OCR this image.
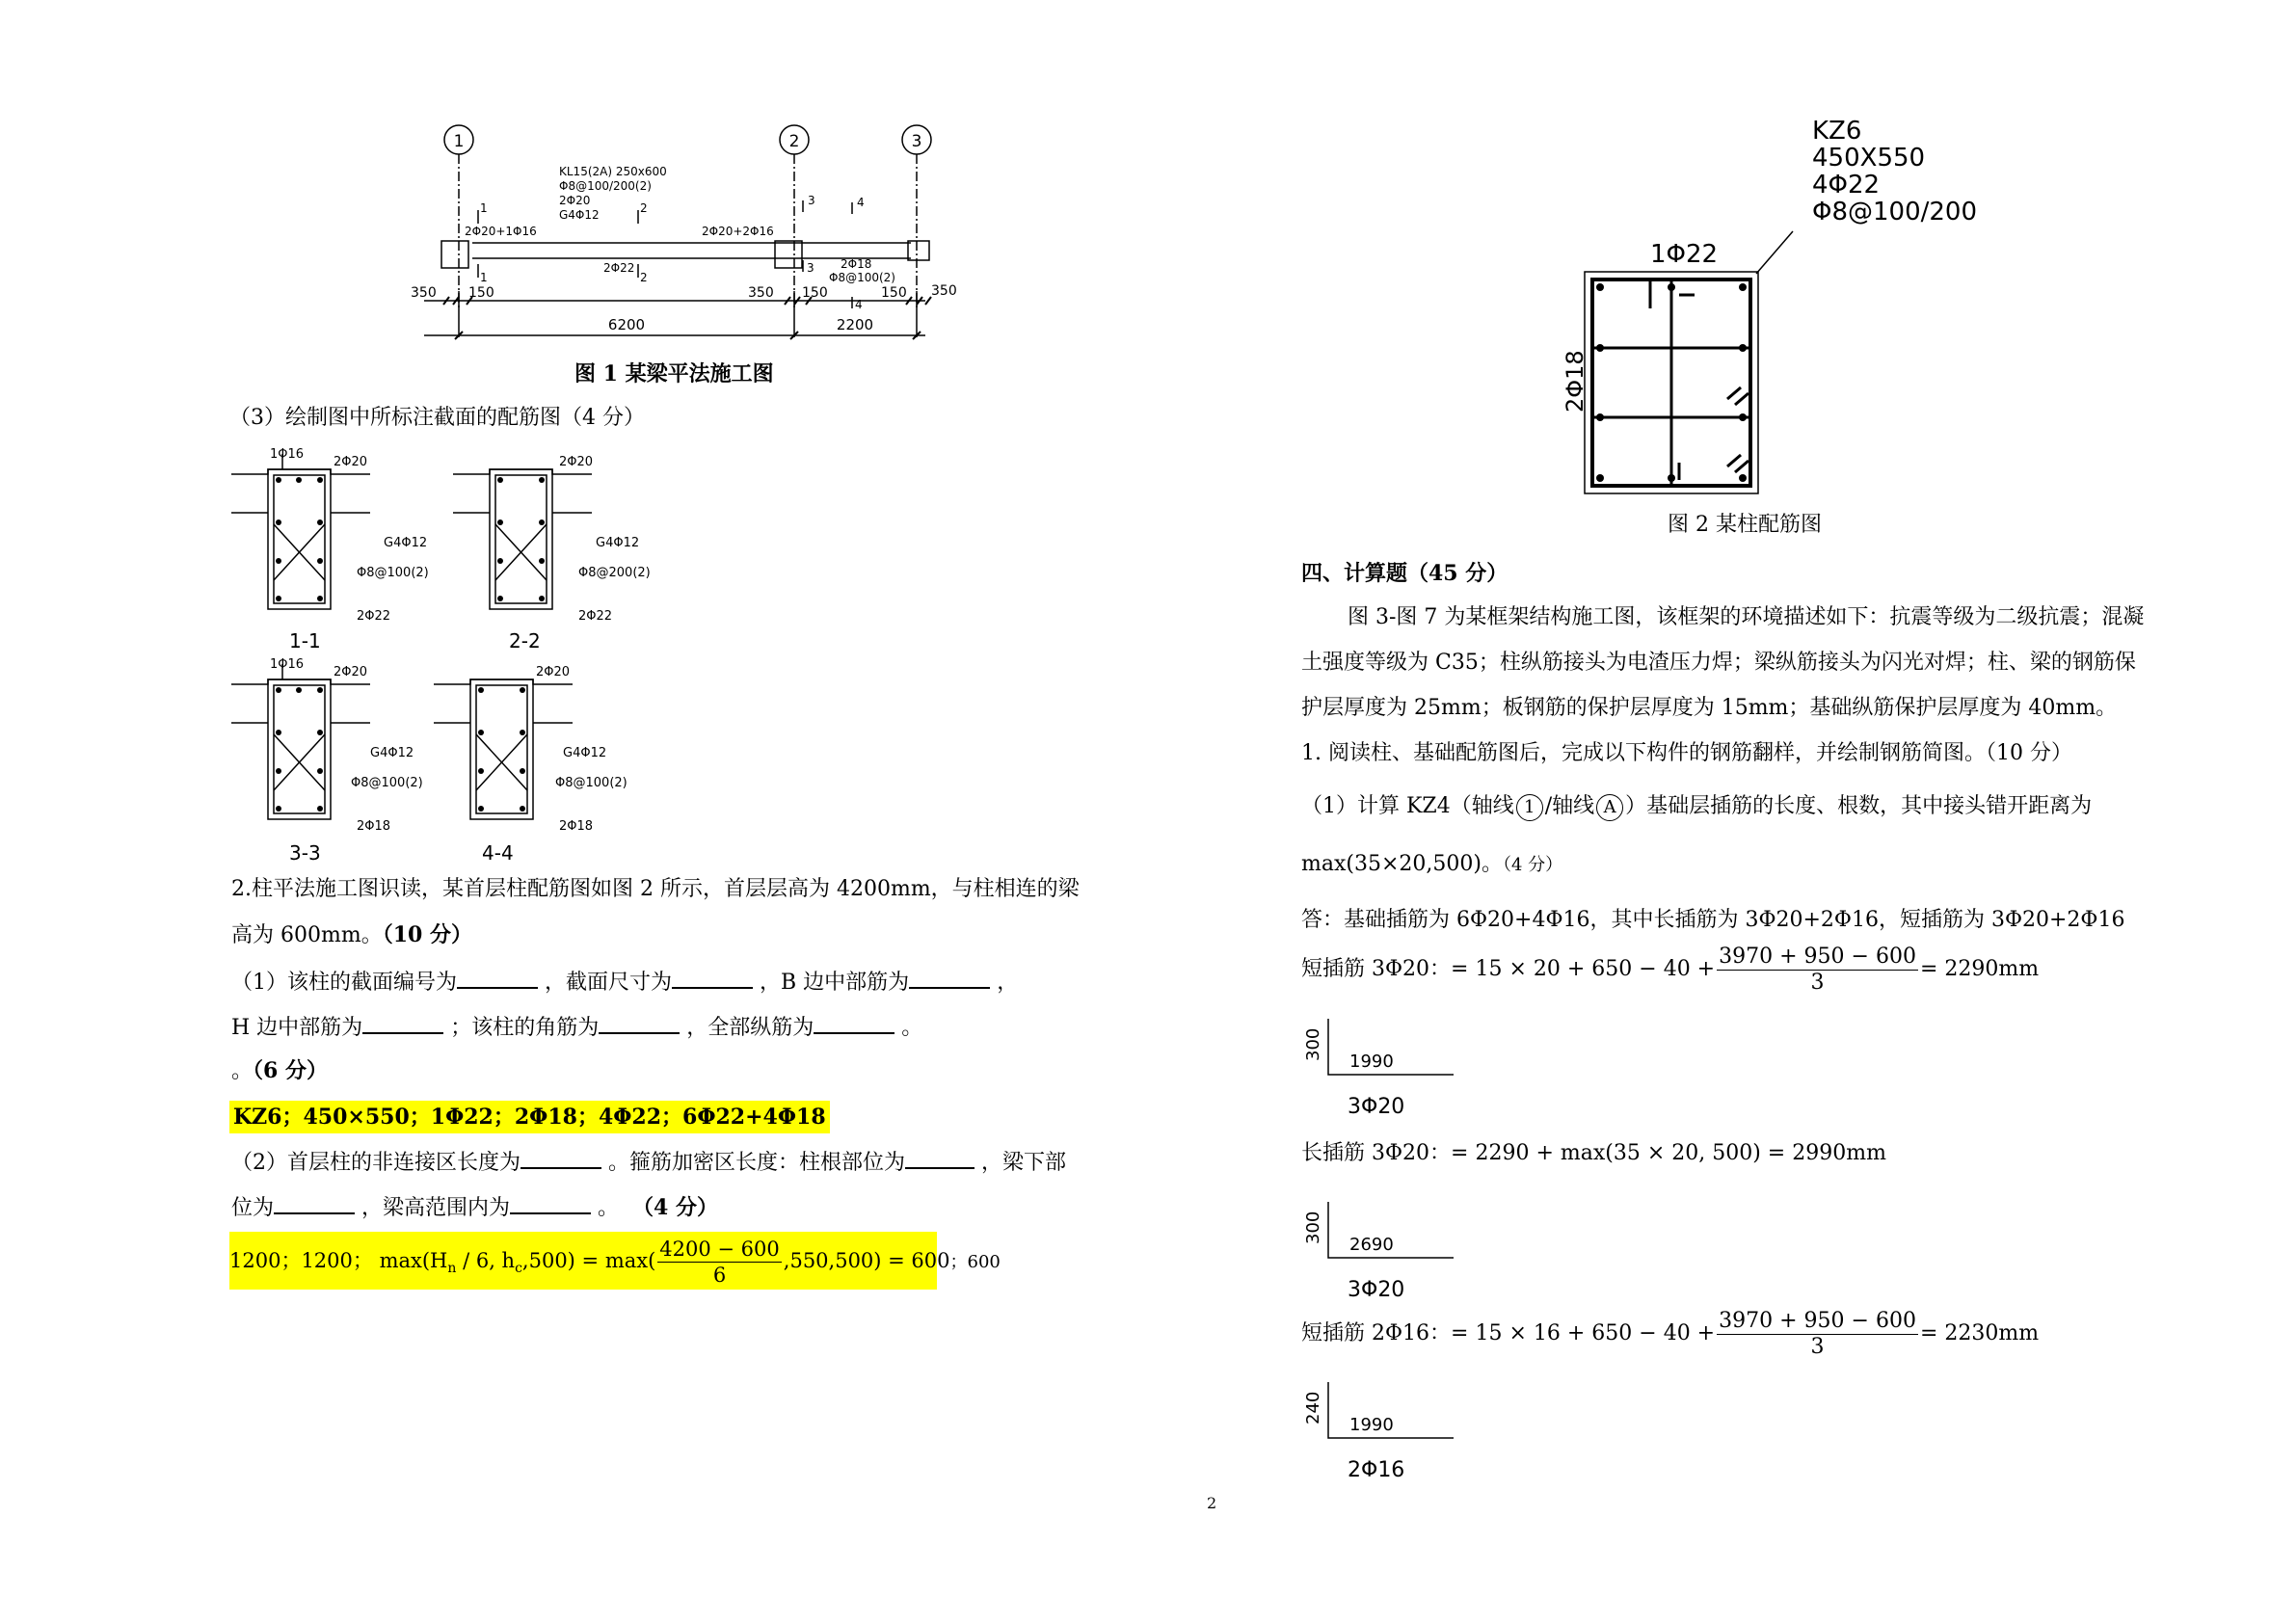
1	2	3
KL15(2A) 250x600
Φ8@100/200(2)
2Φ20
G4Φ12
2Φ20+1Φ16	2Φ20+2Φ16
2Φ22	2Φ18
Φ8@100(2)
1
1
2
2
3
3
4
4
350 150
6200
350 150
2200
150 350
图 1 某梁平法施工图
（3）绘制图中所标注截面的配筋图（4 分）
1Φ16
2Φ20
G4Φ12
Φ8@100(2)
2Φ22
1-1
2Φ20
G4Φ12
Φ8@200(2)
2Φ22
2-2
1Φ16
2Φ20
G4Φ12
Φ8@100(2)
2Φ18
3-3
2Φ20
G4Φ12
Φ8@100(2)
2Φ18
4-4
2.柱平法施工图识读，某首层柱配筋图如图 2 所示，首层层高为 4200mm，与柱相连的梁
高为 600mm。（10 分）
（1）该柱的截面编号为	，截面尺寸为	，B 边中部筋为	，
H 边中部筋为	；该柱的角筋为	，全部纵筋为	。
。（6 分）
KZ6；450×550；1Φ22；2Φ18；4Φ22；6Φ22+4Φ18
（2）首层柱的非连接区长度为	。箍筋加密区长度：柱根部位为	，梁下部
位为	，梁高范围内为	。 （4 分）
1200；1200； $\max(H_n / 6$, $h_c,500) = \max( \frac{4200 - 600}{6} ,550,500) = 600$；600
KZ6
450X550
4Φ22
Φ8@100/200
1Φ22
2Φ18
图 2 某柱配筋图
四、计算题（45 分）
图 3-图 7 为某框架结构施工图，该框架的环境描述如下：抗震等级为二级抗震；混凝
土强度等级为 C35；柱纵筋接头为电渣压力焊；梁纵筋接头为闪光对焊；柱、梁的钢筋保
护层厚度为 25mm；板钢筋的保护层厚度为 15mm；基础纵筋保护层厚度为 40mm。
1. 阅读柱、基础配筋图后，完成以下构件的钢筋翻样，并绘制钢筋简图。（10 分）
（1）计算 KZ4（轴线 1 /轴线 A ）基础层插筋的长度、根数，其中接头错开距离为
max(35×20,500)。（4 分）
答：基础插筋为 6Φ20+4Φ16，其中长插筋为 3Φ20+2Φ16，短插筋为 3Φ20+2Φ16
短插筋 3Φ20：= $15 \times 20 + 650 - 40 + \frac{3970 + 950 - 600}{3} = 2290mm$
300
1990
3Φ20
长插筋 3Φ20：= 2290 + max(35 × 20, 500) = 2990mm
300
2690
3Φ20
短插筋 2Φ16：= $15 \times 16 + 650 - 40 + \frac{3970 + 950 - 600}{3} = 2230mm$
240
1990
2Φ16
2
